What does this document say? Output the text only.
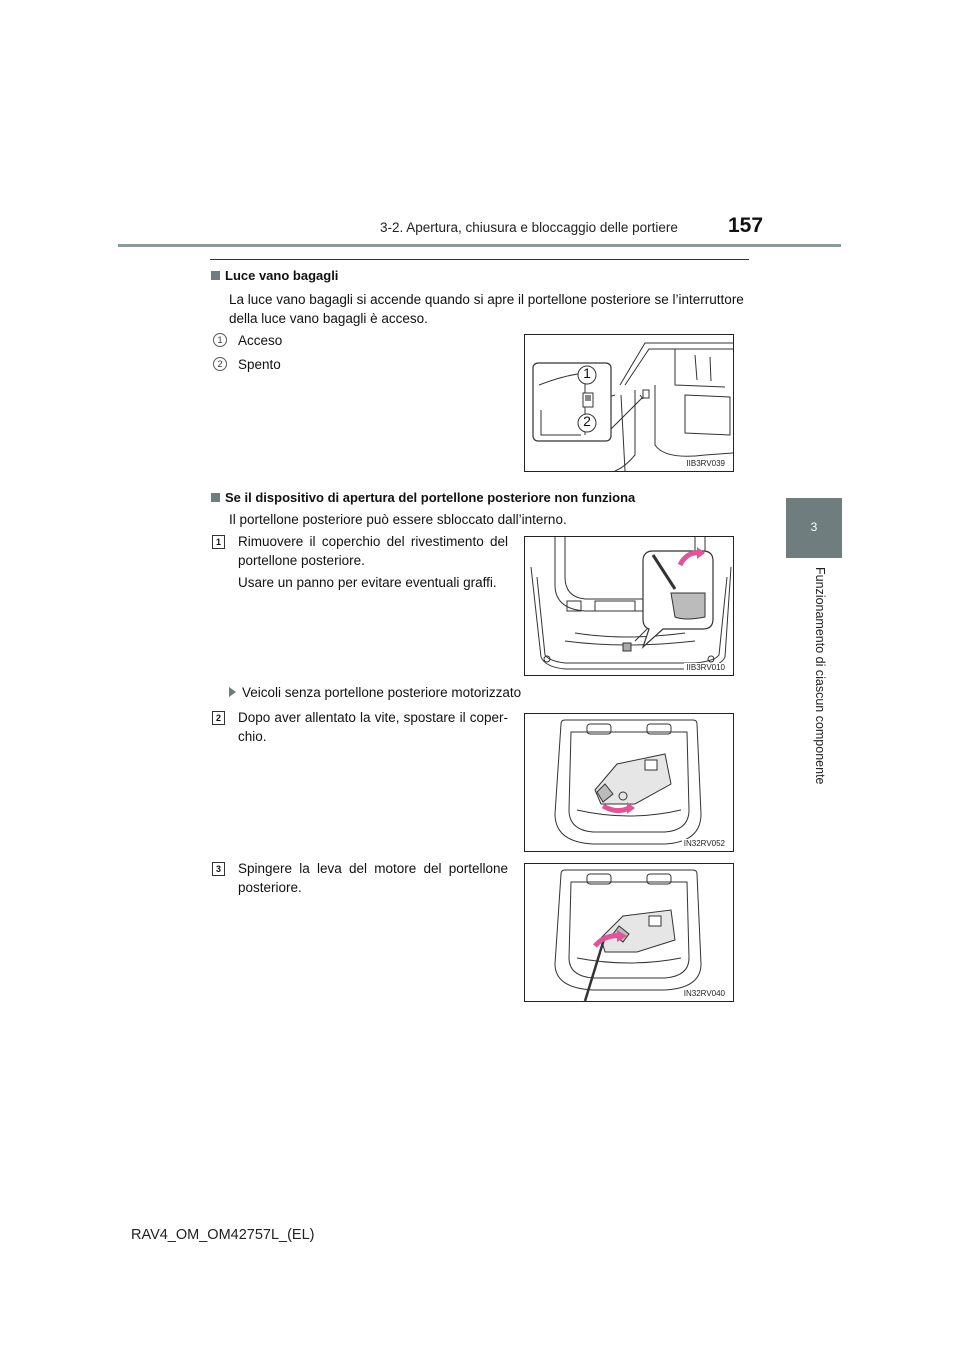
3-2. Apertura, chiusura e bloccaggio delle portiere 157
3
Funzionamento di ciascun componente
Luce vano bagagli
La luce vano bagagli si accende quando si apre il portellone posteriore se l’interruttore della luce vano bagagli è acceso.
1	Acceso
2	Spento
1
2
IIB3RV039
Se il dispositivo di apertura del portellone posteriore non funziona
Il portellone posteriore può essere sbloccato dall’interno.
1 Rimuovere il coperchio del rivestimento del portellone posteriore.
Usare un panno per evitare eventuali graffi.
IIB3RV010
Veicoli senza portellone posteriore motorizzato
2 Dopo aver allentato la vite, spostare il coper-chio.
IN32RV052
3 Spingere la leva del motore del portellone posteriore.
IN32RV040
RAV4_OM_OM42757L_(EL)
